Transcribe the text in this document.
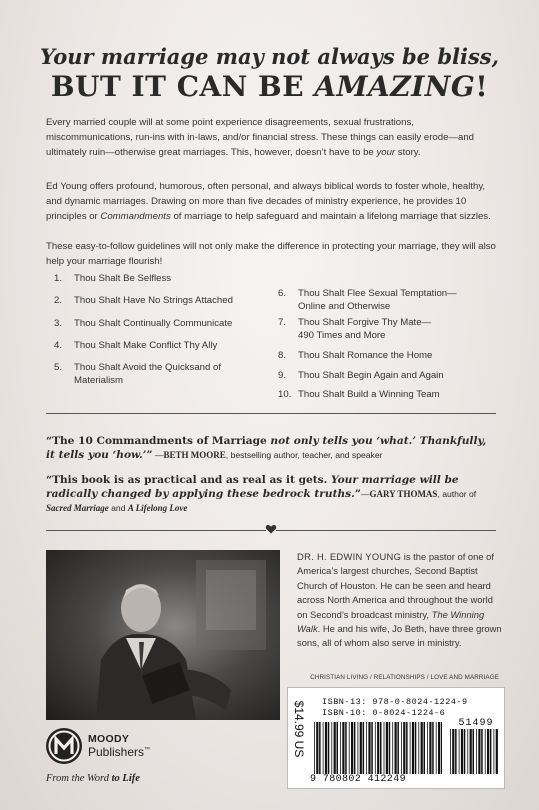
Your marriage may not always be bliss,
BUT IT CAN BE AMAZING!
Every married couple will at some point experience disagreements, sexual frustrations, miscommunications, run-ins with in-laws, and/or financial stress. These things can easily erode—and ultimately ruin—otherwise great marriages. This, however, doesn’t have to be your story.
Ed Young offers profound, humorous, often personal, and always biblical words to foster whole, healthy, and dynamic marriages. Drawing on more than five decades of ministry experience, he provides 10 principles or Commandments of marriage to help safeguard and maintain a lifelong marriage that sizzles.
These easy-to-follow guidelines will not only make the difference in protecting your marriage, they will also help your marriage flourish!
1.	Thou Shalt Be Selfless
2.	Thou Shalt Have No Strings Attached
3.	Thou Shalt Continually Communicate
4.	Thou Shalt Make Conflict Thy Ally
5.	Thou Shalt Avoid the Quicksand of Materialism
6.	Thou Shalt Flee Sexual Temptation— Online and Otherwise
7.	Thou Shalt Forgive Thy Mate— 490 Times and More
8.	Thou Shalt Romance the Home
9.	Thou Shalt Begin Again and Again
10. Thou Shalt Build a Winning Team
“The 10 Commandments of Marriage not only tells you ‘what.’ Thankfully, it tells you ‘how.’” —BETH MOORE, bestselling author, teacher, and speaker
“This book is as practical and as real as it gets. Your marriage will be radically changed by applying these bedrock truths.”—GARY THOMAS, author of Sacred Marriage and A Lifelong Love
DR. H. EDWIN YOUNG is the pastor of one of America’s largest churches, Second Baptist Church of Houston. He can be seen and heard across North America and throughout the world on Second’s broadcast ministry, The Winning Walk. He and his wife, Jo Beth, have three grown sons, all of whom also serve in ministry.
CHRISTIAN LIVING / RELATIONSHIPS / LOVE AND MARRIAGE
$14.99 US ISBN-13: 978-0-8024-1224-9
ISBN-10: 0-8024-1224-6
51499
9 780802 412249
MOODY
Publishers™
From the Word to Life
